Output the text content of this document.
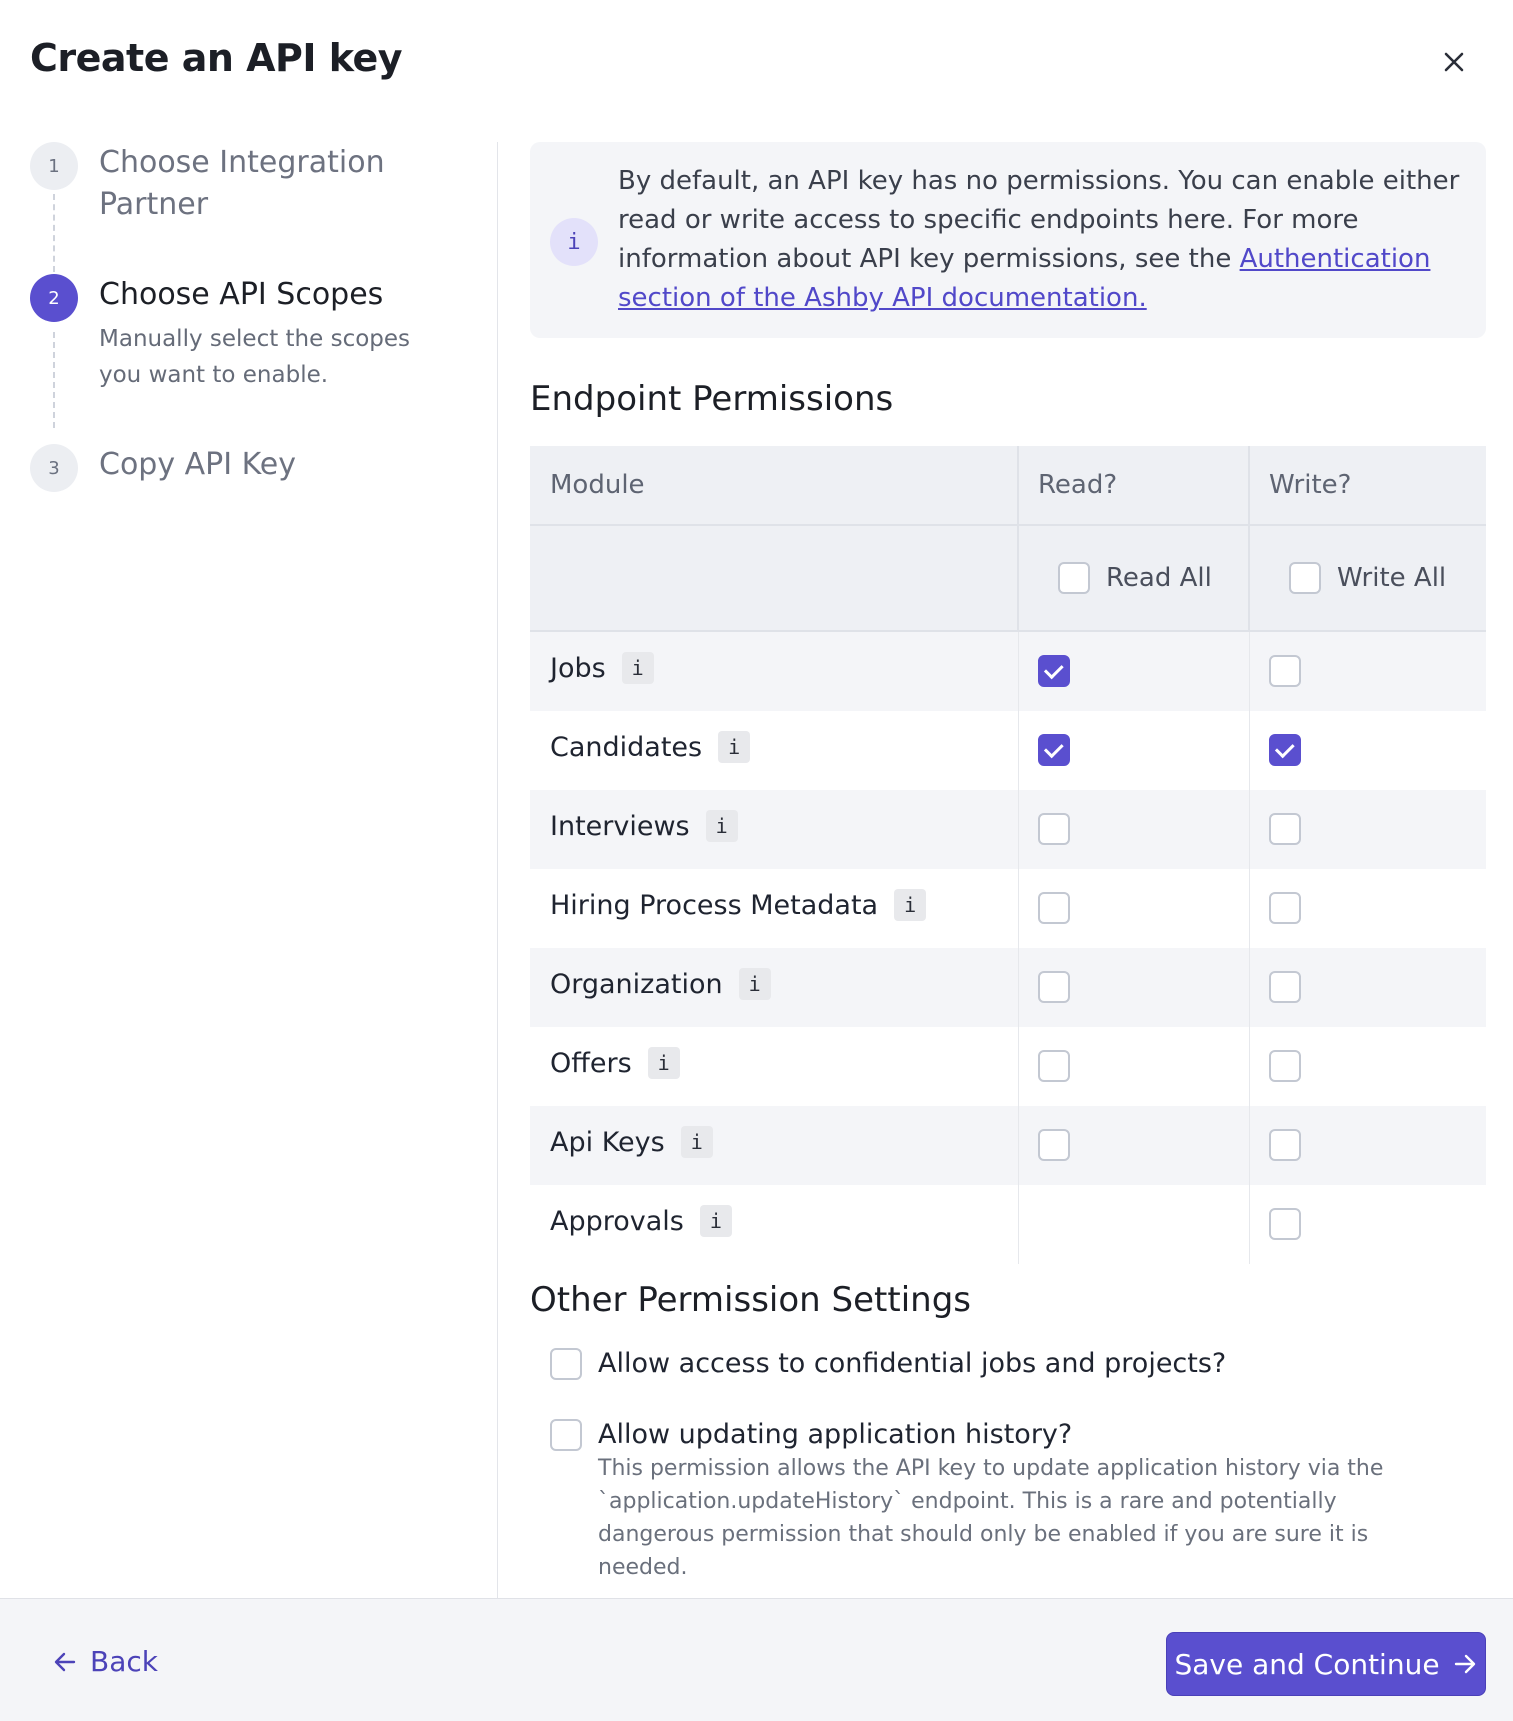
Create an API key
1	Choose Integration
Partner
2	Choose API Scopes
Manually select the scopes you want to enable.
3	Copy API Key
i
By default, an API key has no permissions. You can enable either read or write access to specific endpoints here. For more information about API key permissions, see the Authentication section of the Ashby API documentation.
Endpoint Permissions
Module	Read?	Write?
Read All	Write All
Jobs	i
Candidates	i
Interviews	i
Hiring Process Metadata	i
Organization	i
Offers	i
Api Keys	i
Approvals	i
Other Permission Settings
Allow access to confidential jobs and projects?
Allow updating application history?
This permission allows the API key to update application history via the `application.updateHistory` endpoint. This is a rare and potentially dangerous permission that should only be enabled if you are sure it is needed.
Back	Save and Continue
